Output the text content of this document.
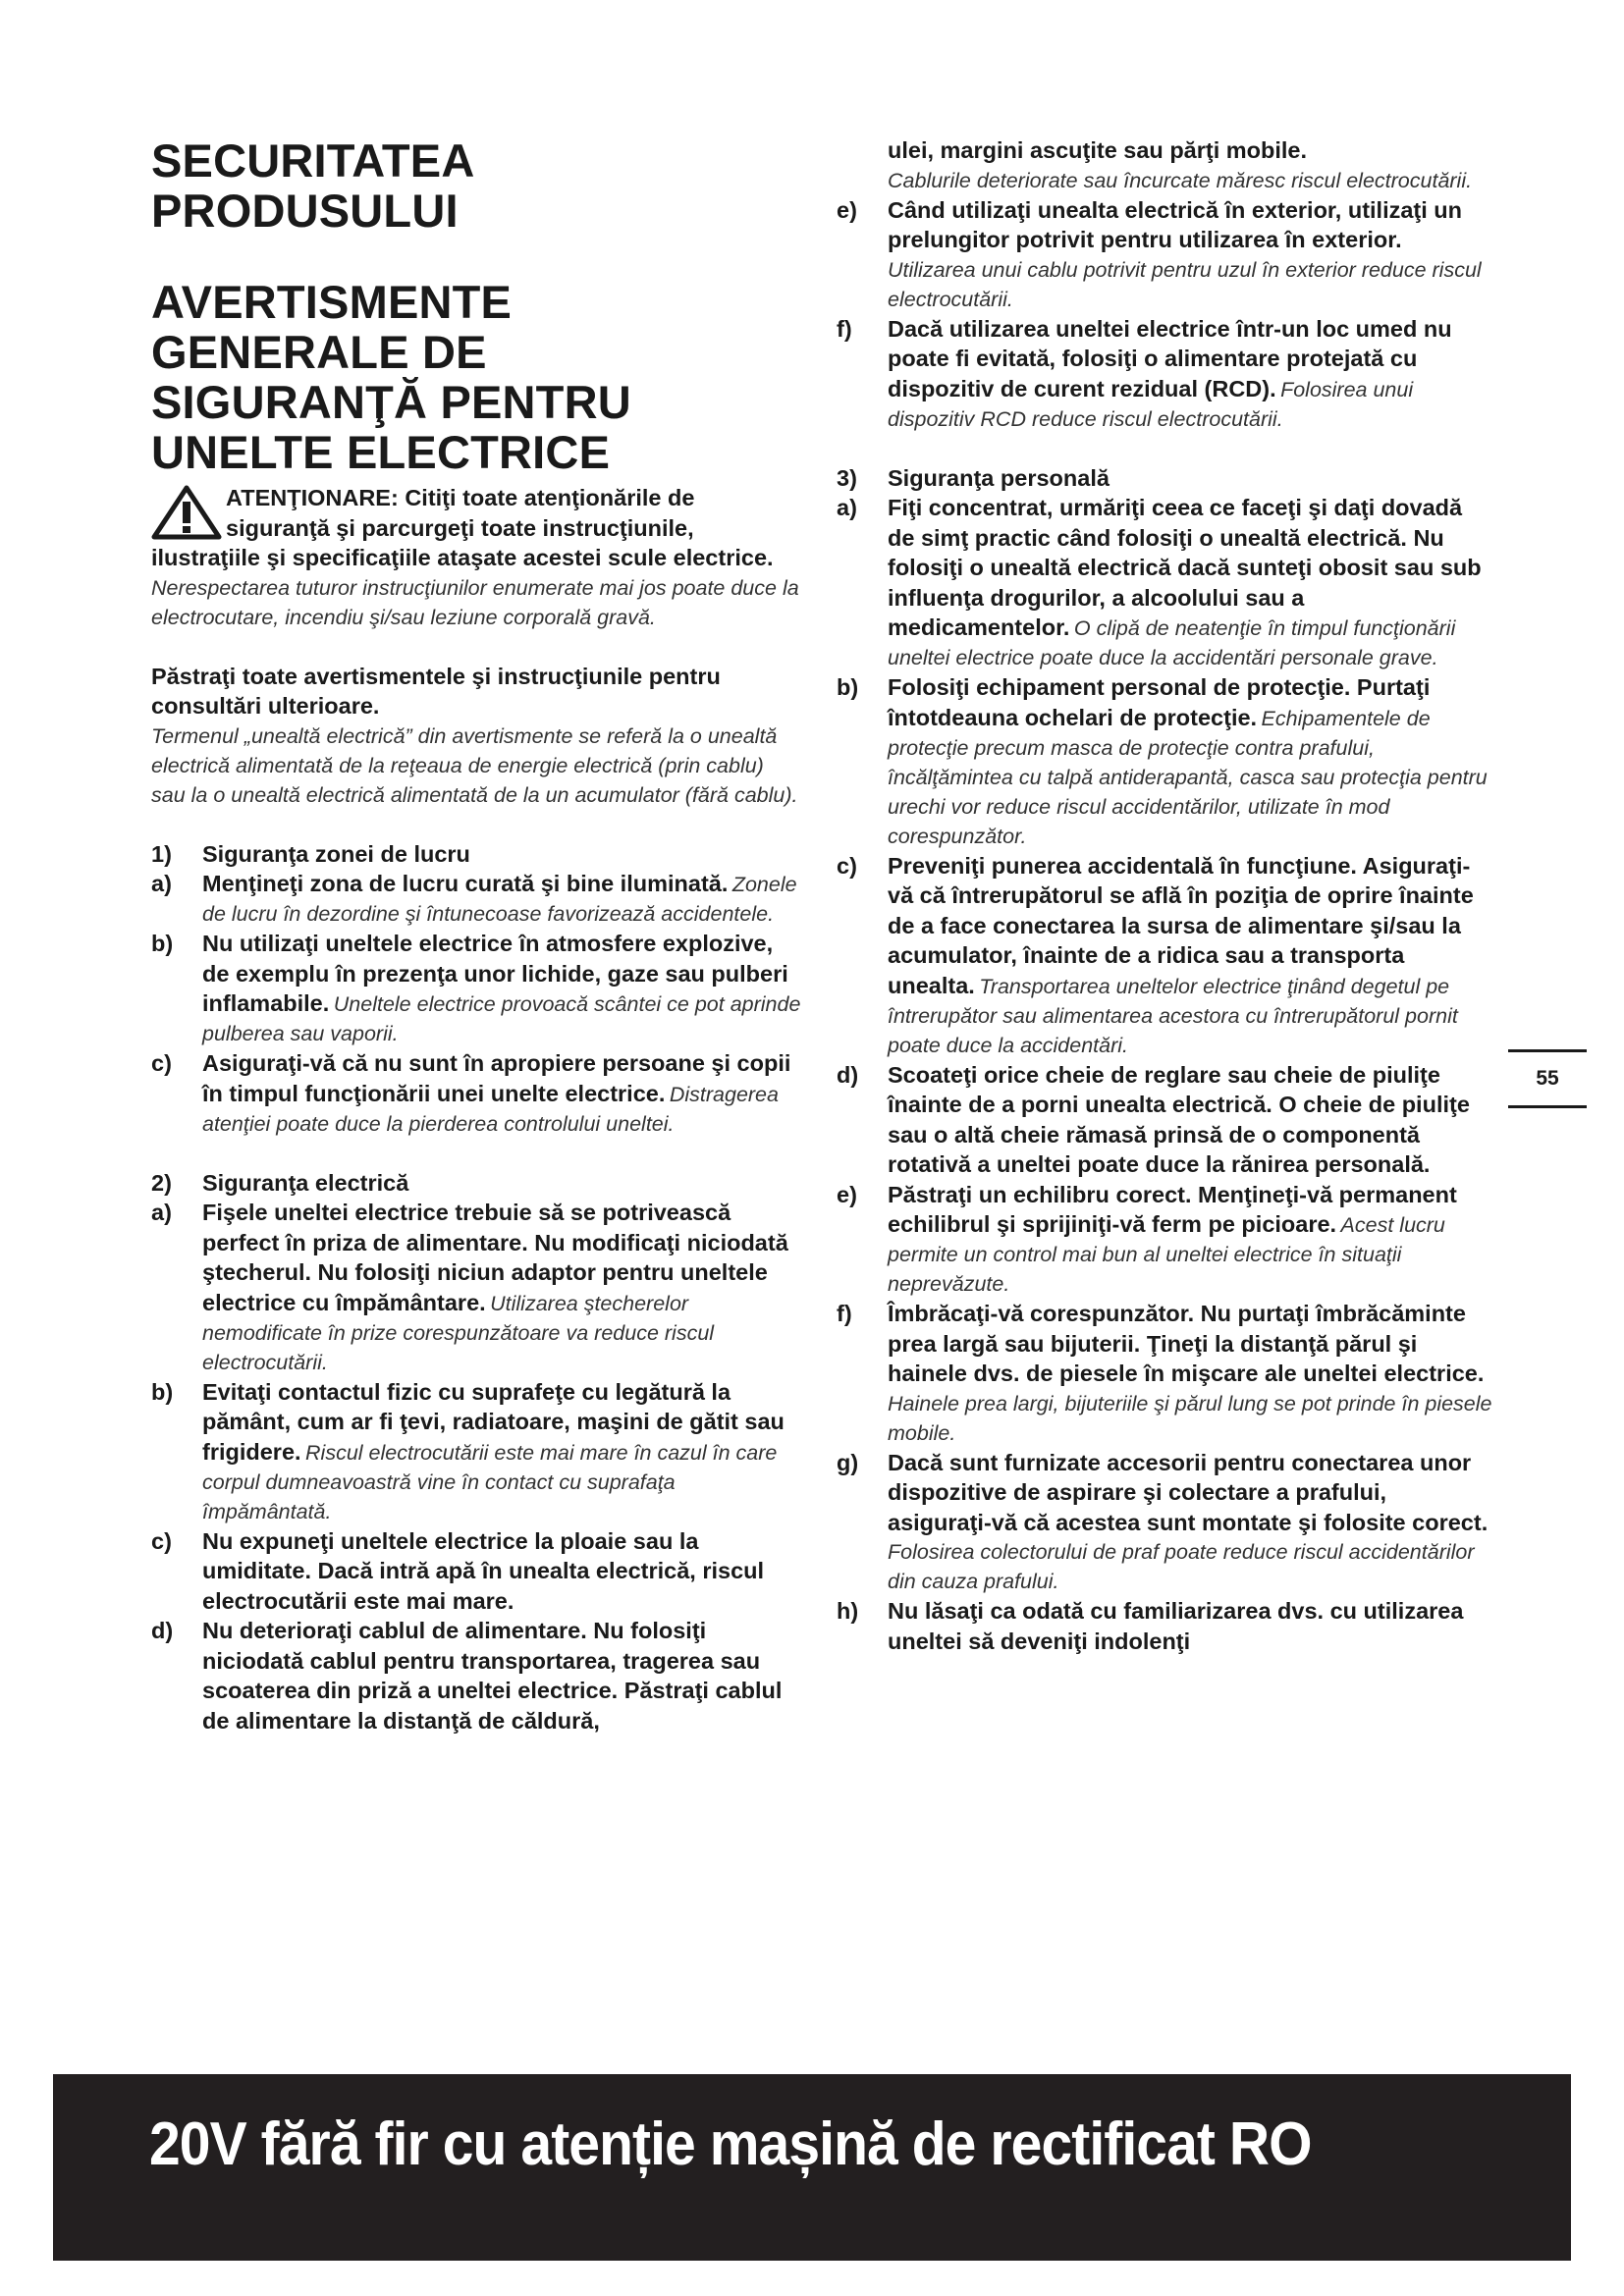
SECURITATEA PRODUSULUI
AVERTISMENTE GENERALE DE SIGURANŢĂ PENTRU UNELTE ELECTRICE

ATENŢIONARE: Citiţi toate atenţionările de siguranţă şi parcurgeţi toate instrucţiunile, ilustraţiile şi specificaţiile ataşate acestei scule electrice. Nerespectarea tuturor instrucţiunilor enumerate mai jos poate duce la electrocutare, incendiu şi/sau leziune corporală gravă.

Păstraţi toate avertismentele şi instrucţiunile pentru consultări ulterioare.

Termenul „unealtă electrică” din avertismente se referă la o unealtă electrică alimentată de la reţeaua de energie electrică (prin cablu) sau la o unealtă electrică alimentată de la un acumulator (fără cablu).

1)	Siguranţa zonei de lucru
a)	Menţineţi zona de lucru curată şi bine iluminată. Zonele de lucru în dezordine şi întunecoase favorizează accidentele.
b)	Nu utilizaţi uneltele electrice în atmosfere explozive, de exemplu în prezenţa unor lichide, gaze sau pulberi inflamabile. Uneltele electrice provoacă scântei ce pot aprinde pulberea sau vaporii.
c)	Asiguraţi-vă că nu sunt în apropiere persoane şi copii în timpul funcţionării unei unelte electrice. Distragerea atenţiei poate duce la pierderea controlului uneltei.
2)	Siguranţa electrică
a)	Fişele uneltei electrice trebuie să se potrivească perfect în priza de alimentare. Nu modificaţi niciodată ştecherul. Nu folosiţi niciun adaptor pentru uneltele electrice cu împământare. Utilizarea ştecherelor nemodificate în prize corespunzătoare va reduce riscul electrocutării.
b)	Evitaţi contactul fizic cu suprafeţe cu legătură la pământ, cum ar fi ţevi, radiatoare, maşini de gătit sau frigidere. Riscul electrocutării este mai mare în cazul în care corpul dumneavoastră vine în contact cu suprafaţa împământată.
c)	Nu expuneţi uneltele electrice la ploaie sau la umiditate. Dacă intră apă în unealta electrică, riscul electrocutării este mai mare.
d)	Nu deterioraţi cablul de alimentare. Nu folosiţi niciodată cablul pentru transportarea, tragerea sau scoaterea din priză a uneltei electrice. Păstraţi cablul de alimentare la distanţă de căldură,
ulei, margini ascuţite sau părţi mobile.
Cablurile deteriorate sau încurcate măresc riscul electrocutării.
e)	Când utilizaţi unealta electrică în exterior, utilizaţi un prelungitor potrivit pentru utilizarea în exterior. Utilizarea unui cablu potrivit pentru uzul în exterior reduce riscul electrocutării.
f)	Dacă utilizarea uneltei electrice într-un loc umed nu poate fi evitată, folosiţi o alimentare protejată cu dispozitiv de curent rezidual (RCD). Folosirea unui dispozitiv RCD reduce riscul electrocutării.
3)	Siguranţa personală
a)	Fiţi concentrat, urmăriţi ceea ce faceţi şi daţi dovadă de simţ practic când folosiţi o unealtă electrică. Nu folosiţi o unealtă electrică dacă sunteţi obosit sau sub influenţa drogurilor, a alcoolului sau a medicamentelor. O clipă de neatenţie în timpul funcţionării uneltei electrice poate duce la accidentări personale grave.
b)	Folosiţi echipament personal de protecţie. Purtaţi întotdeauna ochelari de protecţie. Echipamentele de protecţie precum masca de protecţie contra prafului, încălţămintea cu talpă antiderapantă, casca sau protecţia pentru urechi vor reduce riscul accidentărilor, utilizate în mod corespunzător.
c)	Preveniţi punerea accidentală în funcţiune. Asiguraţi-vă că întrerupătorul se află în poziţia de oprire înainte de a face conectarea la sursa de alimentare şi/sau la acumulator, înainte de a ridica sau a transporta unealta. Transportarea uneltelor electrice ţinând degetul pe întrerupător sau alimentarea acestora cu întrerupătorul pornit poate duce la accidentări.
d)	Scoateţi orice cheie de reglare sau cheie de piuliţe înainte de a porni unealta electrică. O cheie de piuliţe sau o altă cheie rămasă prinsă de o componentă rotativă a uneltei poate duce la rănirea personală.
e)	Păstraţi un echilibru corect. Menţineţi-vă permanent echilibrul şi sprijiniţi-vă ferm pe picioare. Acest lucru permite un control mai bun al uneltei electrice în situaţii neprevăzute.
f)	Îmbrăcaţi-vă corespunzător. Nu purtaţi îmbrăcăminte prea largă sau bijuterii. Ţineţi la distanţă părul şi hainele dvs. de piesele în mişcare ale uneltei electrice. Hainele prea largi, bijuteriile şi părul lung se pot prinde în piesele mobile.
g)	Dacă sunt furnizate accesorii pentru conectarea unor dispozitive de aspirare şi colectare a prafului, asiguraţi-vă că acestea sunt montate şi folosite corect. Folosirea colectorului de praf poate reduce riscul accidentărilor din cauza prafului.
h)	Nu lăsaţi ca odată cu familiarizarea dvs. cu utilizarea uneltei să deveniţi indolenţi
55
20V fără fir cu atenție mașină de rectificat RO
